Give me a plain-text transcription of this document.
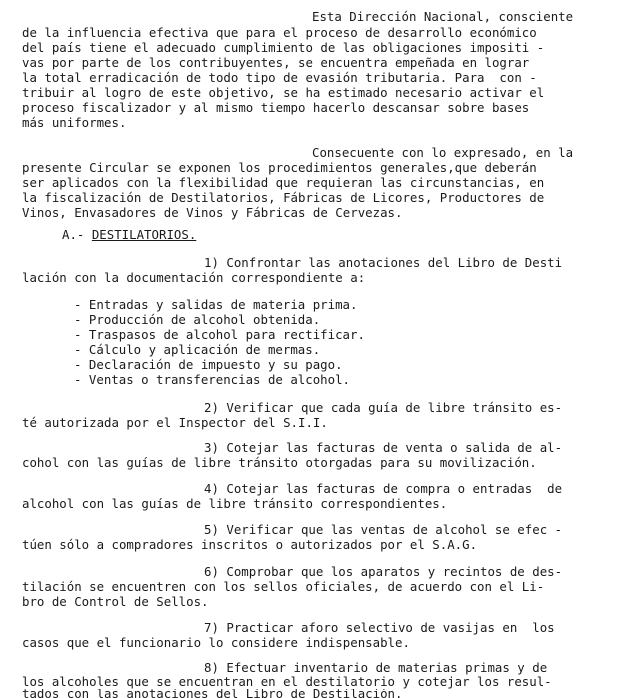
Esta Dirección Nacional, consciente
de la influencia efectiva que para el proceso de desarrollo económico
del país tiene el adecuado cumplimiento de las obligaciones impositi -
vas por parte de los contribuyentes, se encuentra empeñada en lograr
la total erradicación de todo tipo de evasión tributaria. Para  con -
tribuir al logro de este objetivo, se ha estimado necesario activar el
proceso fiscalizador y al mismo tiempo hacerlo descansar sobre bases
más uniformes.
Consecuente con lo expresado, en la
presente Circular se exponen los procedimientos generales,que deberán
ser aplicados con la flexibilidad que requieran las circunstancias, en
la fiscalización de Destilatorios, Fábricas de Licores, Productores de
Vinos, Envasadores de Vinos y Fábricas de Cervezas.
A.- DESTILATORIOS.
1) Confrontar las anotaciones del Libro de Desti
lación con la documentación correspondiente a:
- Entradas y salidas de materia prima.
- Producción de alcohol obtenida.
- Traspasos de alcohol para rectificar.
- Cálculo y aplicación de mermas.
- Declaración de impuesto y su pago.
- Ventas o transferencias de alcohol.
2) Verificar que cada guía de libre tránsito es-
té autorizada por el Inspector del S.I.I.
3) Cotejar las facturas de venta o salida de al-
cohol con las guías de libre tránsito otorgadas para su movilización.
4) Cotejar las facturas de compra o entradas  de
alcohol con las guías de libre tránsito correspondientes.
5) Verificar que las ventas de alcohol se efec -
túen sólo a compradores inscritos o autorizados por el S.A.G.
6) Comprobar que los aparatos y recintos de des-
tilación se encuentren con los sellos oficiales, de acuerdo con el Li-
bro de Control de Sellos.
7) Practicar aforo selectivo de vasijas en  los
casos que el funcionario lo considere indispensable.
8) Efectuar inventario de materias primas y de
los alcoholes que se encuentran en el destilatorio y cotejar los resul-
tados con las anotaciones del Libro de Destilación.
